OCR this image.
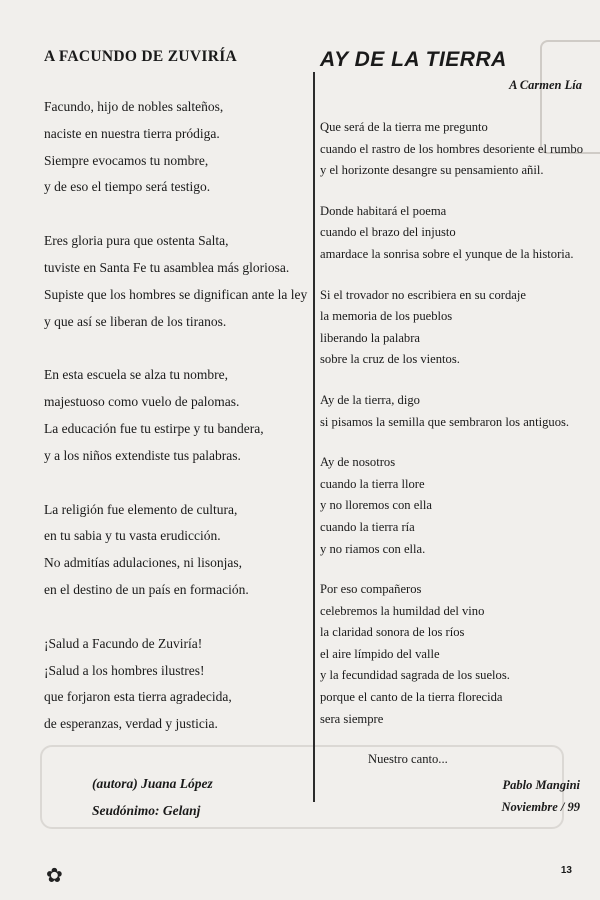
A FACUNDO DE ZUVIRÍA
Facundo, hijo de nobles salteños,
naciste en nuestra tierra pródiga.
Siempre evocamos tu nombre,
y de eso el tiempo será testigo.
Eres gloria pura que ostenta Salta,
tuviste en Santa Fe tu asamblea más gloriosa.
Supiste que los hombres se dignifican ante la ley
y que así se liberan de los tiranos.
En esta escuela se alza tu nombre,
majestuoso como vuelo de palomas.
La educación fue tu estirpe y tu bandera,
y a los niños extendiste tus palabras.
La religión fue elemento de cultura,
en tu sabia y tu vasta erudicción.
No admitías adulaciones, ni lisonjas,
en el destino de un país en formación.
¡Salud a Facundo de Zuviría!
¡Salud a los hombres ilustres!
que forjaron esta tierra agradecida,
de esperanzas, verdad y justicia.
(autora) Juana López
Seudónimo: Gelanj
AY DE LA TIERRA
A Carmen Lía
Que será de la tierra me pregunto
cuando el rastro de los hombres desoriente el rumbo
y el horizonte desangre su pensamiento añil.
Donde habitará el poema
cuando el brazo del injusto
amardace la sonrisa sobre el yunque de la historia.
Si el trovador no escribiera en su cordaje
la memoria de los pueblos
liberando la palabra
sobre la cruz de los vientos.
Ay de la tierra, digo
si pisamos la semilla que sembraron los antiguos.
Ay de nosotros
cuando la tierra llore
y no lloremos con ella
cuando la tierra ría
y no riamos con ella.
Por eso compañeros
celebremos la humildad del vino
la claridad sonora de los ríos
el aire límpido del valle
y la fecundidad sagrada de los suelos.
porque el canto de la tierra florecida
sera siempre
Nuestro canto...
Pablo Mangini
Noviembre / 99
13
✿
